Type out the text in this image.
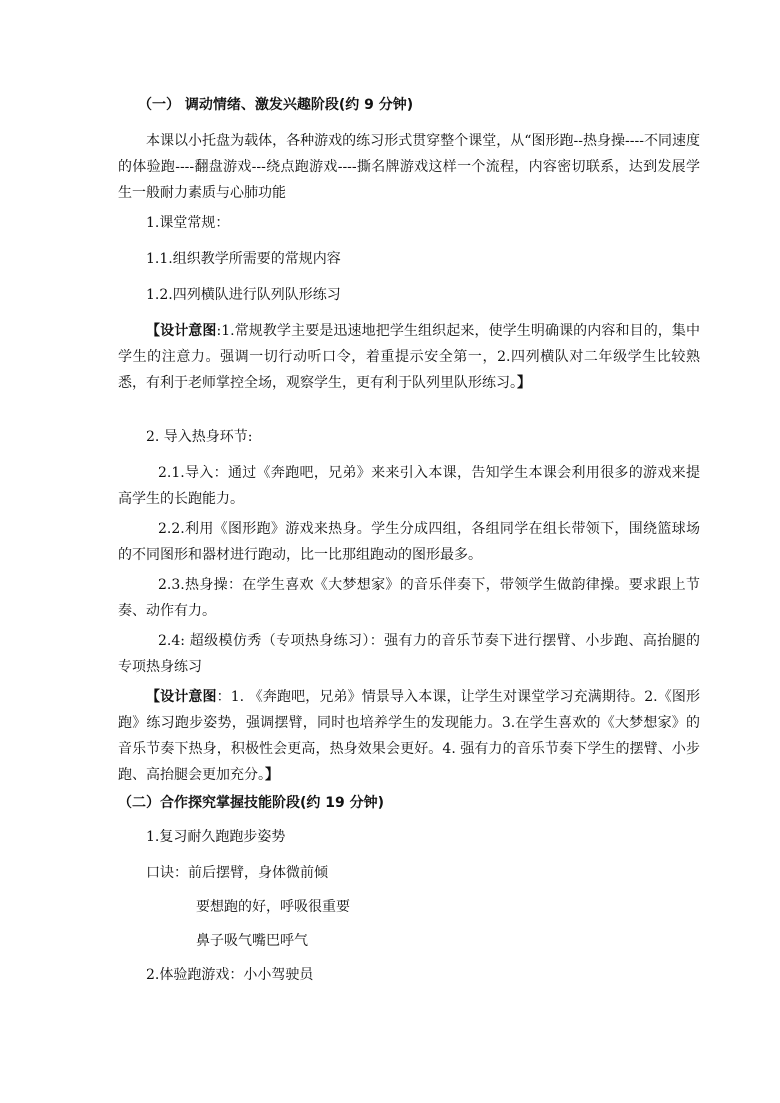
（一） 调动情绪、激发兴趣阶段(约 9 分钟)

本课以小托盘为载体，各种游戏的练习形式贯穿整个课堂，从“图形跑--热身操----不同速度的体验跑----翻盘游戏---绕点跑游戏----撕名牌游戏这样一个流程，内容密切联系，达到发展学生一般耐力素质与心肺功能

1.课堂常规：

1.1.组织教学所需要的常规内容

1.2.四列横队进行队列队形练习

【设计意图:1.常规教学主要是迅速地把学生组织起来，使学生明确课的内容和目的，集中学生的注意力。强调一切行动听口令，着重提示安全第一，2.四列横队对二年级学生比较熟悉，有利于老师掌控全场，观察学生，更有利于队列里队形练习。】

2. 导入热身环节:

2.1.导入：通过《奔跑吧，兄弟》来来引入本课，告知学生本课会利用很多的游戏来提高学生的长跑能力。

2.2.利用《图形跑》游戏来热身。学生分成四组，各组同学在组长带领下，围绕篮球场的不同图形和器材进行跑动，比一比那组跑动的图形最多。

2.3.热身操：在学生喜欢《大梦想家》的音乐伴奏下，带领学生做韵律操。要求跟上节奏、动作有力。

2.4: 超级模仿秀（专项热身练习）：强有力的音乐节奏下进行摆臂、小步跑、高抬腿的专项热身练习

【设计意图：1. 《奔跑吧，兄弟》情景导入本课，让学生对课堂学习充满期待。2.《图形跑》练习跑步姿势，强调摆臂，同时也培养学生的发现能力。3.在学生喜欢的《大梦想家》的音乐节奏下热身，积极性会更高，热身效果会更好。4. 强有力的音乐节奏下学生的摆臂、小步跑、高抬腿会更加充分。】

（二）合作探究掌握技能阶段(约 19 分钟)

1.复习耐久跑跑步姿势

口诀：前后摆臂，身体微前倾

要想跑的好，呼吸很重要

鼻子吸气嘴巴呼气

2.体验跑游戏：小小驾驶员
